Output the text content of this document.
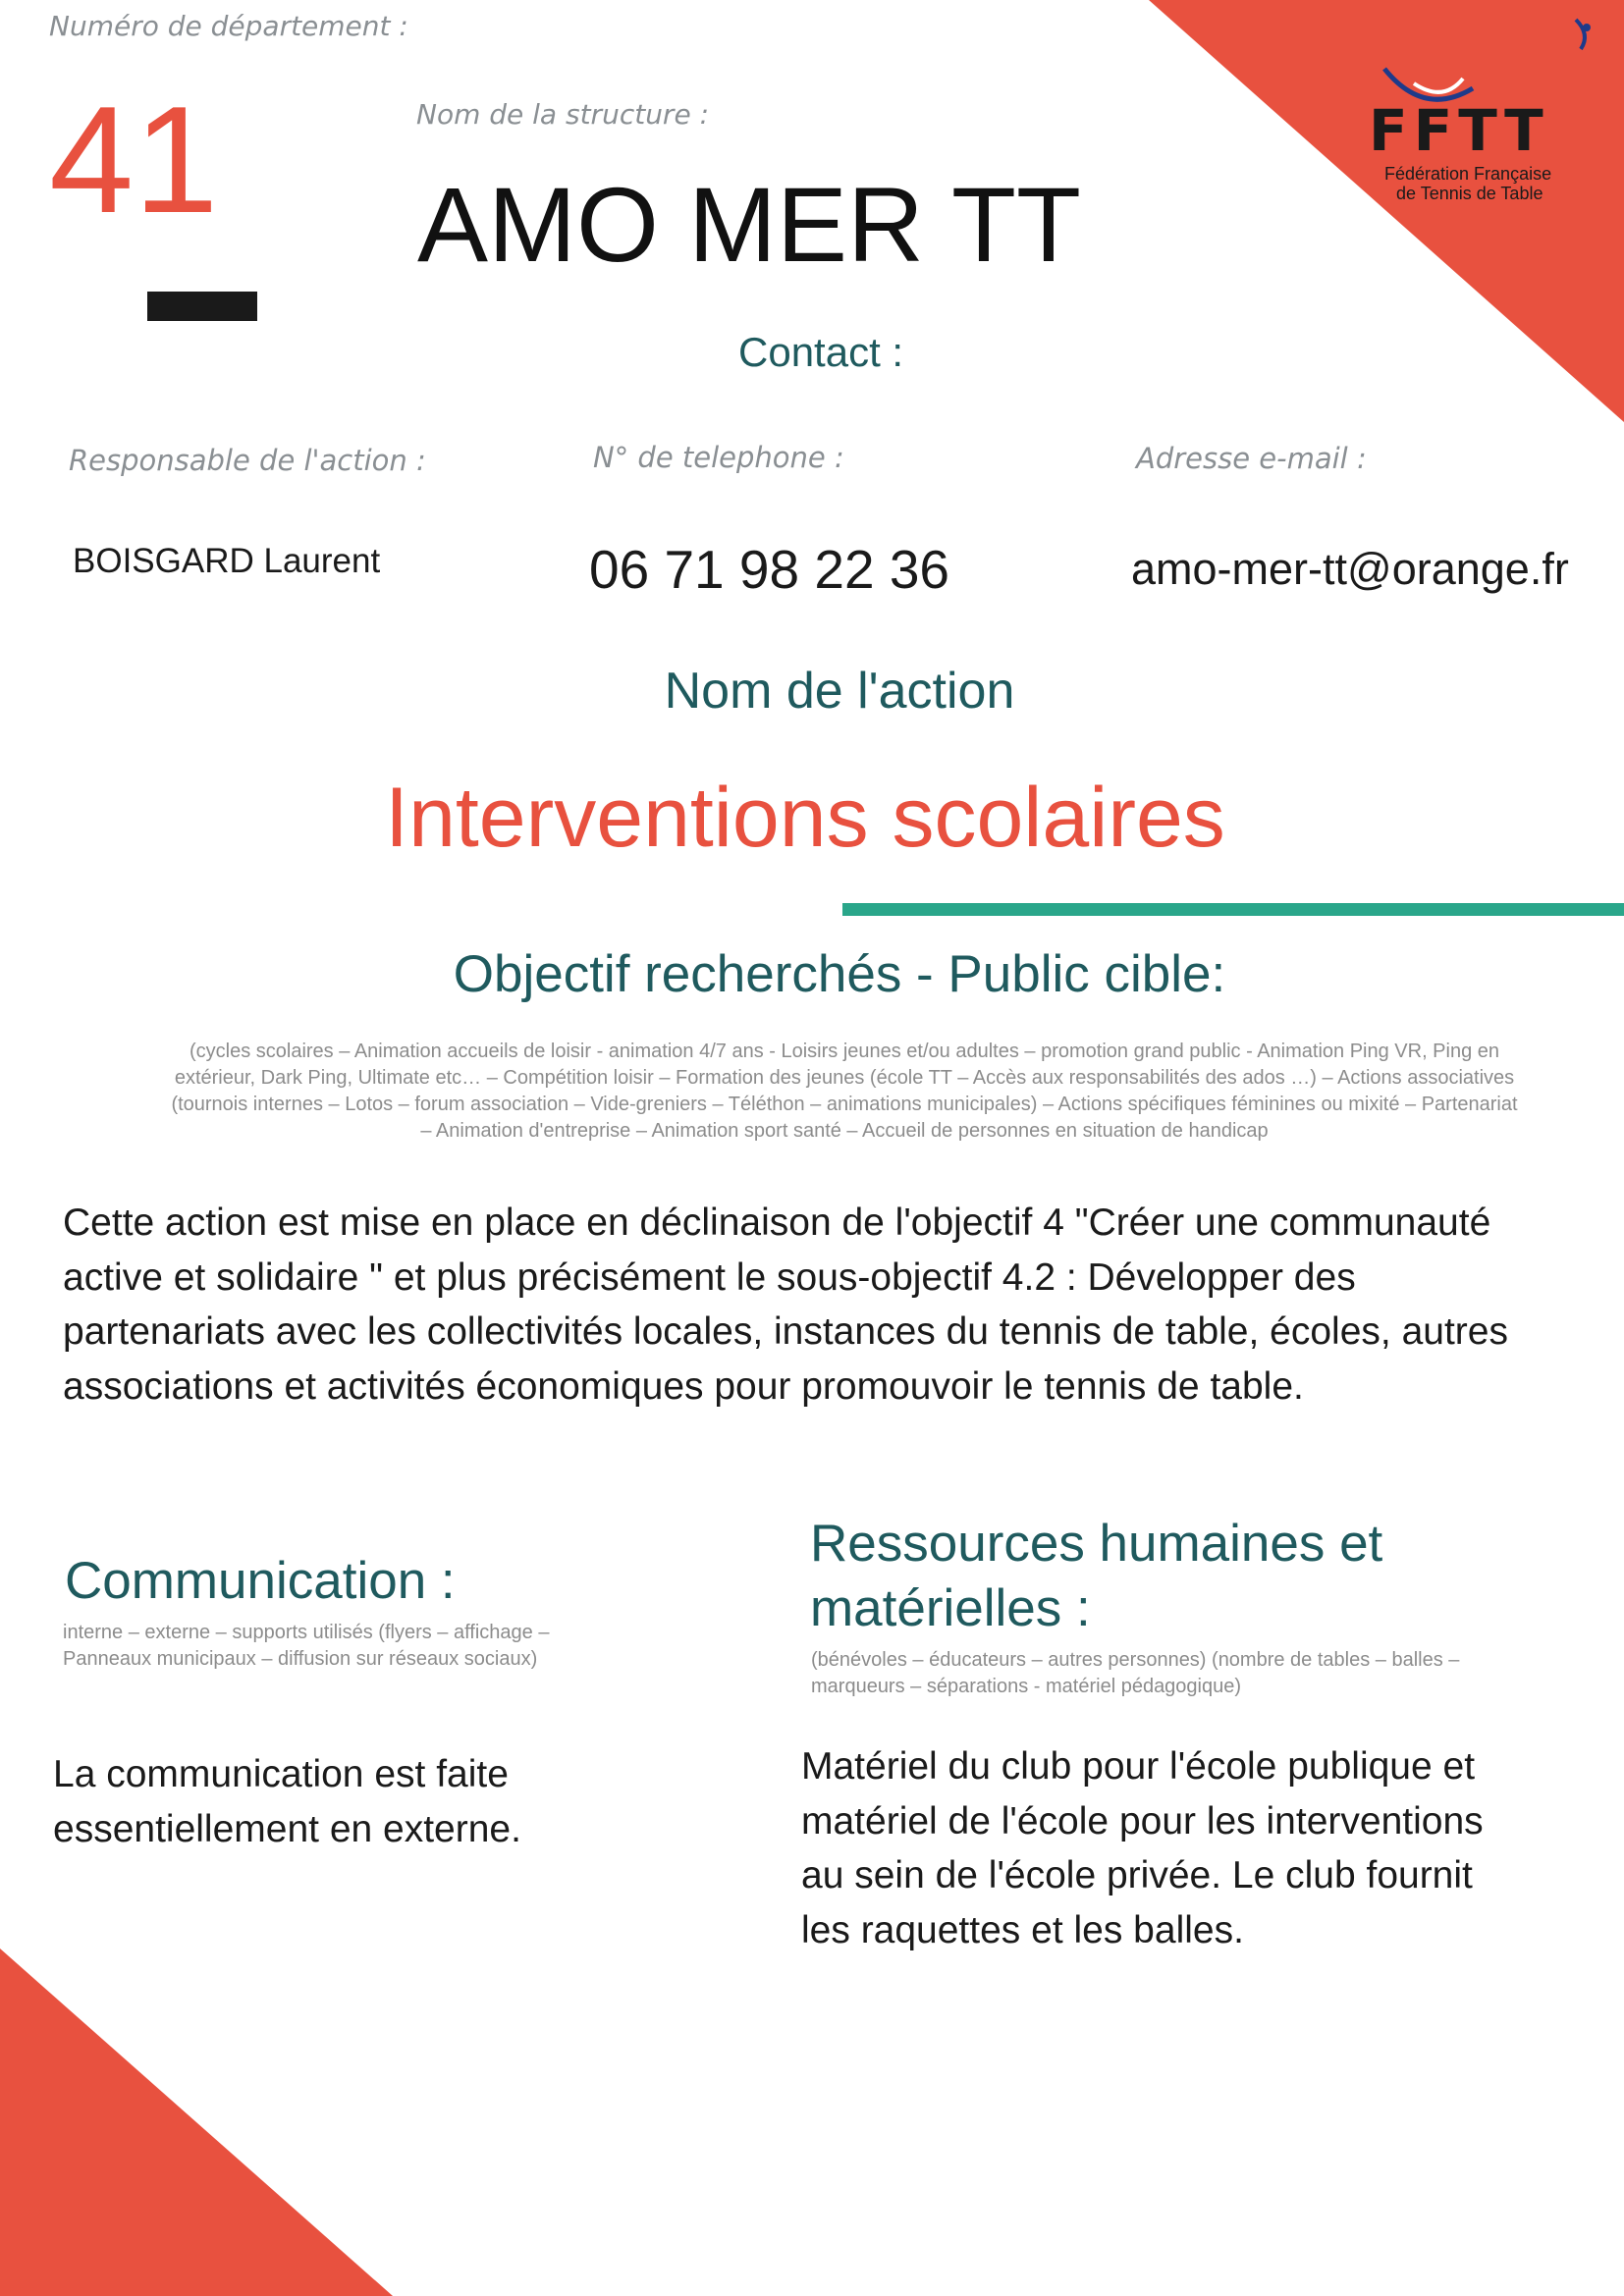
FFTT
Fédération Française
de Tennis de Table
Numéro de département :
41	Nom de la structure :
AMO MER TT
Contact :
Responsable de l'action :	N° de telephone :	Adresse e-mail :
BOISGARD Laurent	06 71 98 22 36	amo-mer-tt@orange.fr
Nom de l'action
Interventions scolaires
Objectif recherchés - Public cible:
(cycles scolaires – Animation accueils de loisir - animation 4/7 ans - Loisirs jeunes et/ou adultes – promotion grand public - Animation Ping VR, Ping en extérieur, Dark Ping, Ultimate etc… – Compétition loisir – Formation des jeunes (école TT – Accès aux responsabilités des ados …) – Actions associatives (tournois internes – Lotos – forum association – Vide-greniers – Téléthon – animations municipales) – Actions spécifiques féminines ou mixité – Partenariat – Animation d'entreprise – Animation sport santé – Accueil de personnes en situation de handicap
Cette action est mise en place en déclinaison de l'objectif 4 "Créer une communauté active et solidaire " et plus précisément le sous-objectif 4.2 : Développer des partenariats avec les collectivités locales, instances du tennis de table, écoles, autres associations et activités économiques pour promouvoir le tennis de table.
Communication :
interne – externe – supports utilisés (flyers – affichage – Panneaux municipaux – diffusion sur réseaux sociaux)
La communication est faite essentiellement en externe.
Ressources humaines et matérielles :
(bénévoles – éducateurs – autres personnes) (nombre de tables – balles – marqueurs – séparations - matériel pédagogique)
Matériel du club pour l'école publique et matériel de l'école pour les interventions au sein de l'école privée. Le club fournit les raquettes et les balles.
